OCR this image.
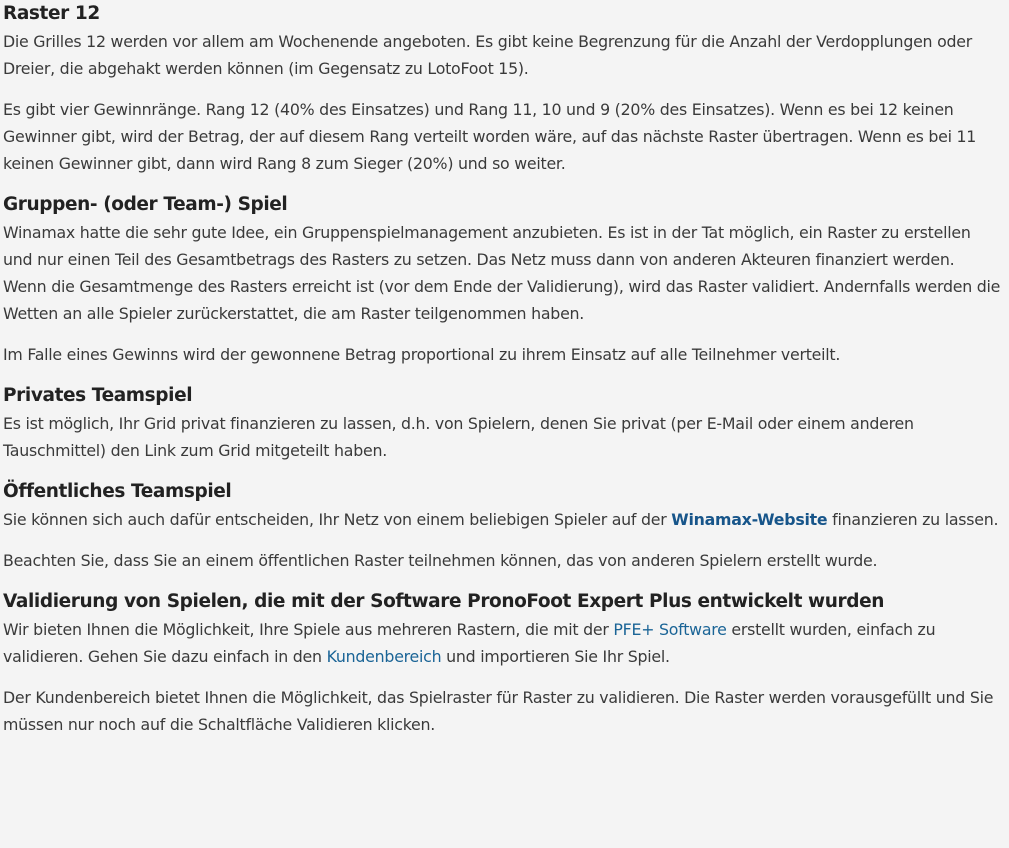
Raster 12

Die Grilles 12 werden vor allem am Wochenende angeboten. Es gibt keine Begrenzung für die Anzahl der Verdopplungen oder Dreier, die abgehakt werden können (im Gegensatz zu LotoFoot 15).

Es gibt vier Gewinnränge. Rang 12 (40% des Einsatzes) und Rang 11, 10 und 9 (20% des Einsatzes). Wenn es bei 12 keinen Gewinner gibt, wird der Betrag, der auf diesem Rang verteilt worden wäre, auf das nächste Raster übertragen. Wenn es bei 11 keinen Gewinner gibt, dann wird Rang 8 zum Sieger (20%) und so weiter.

Gruppen- (oder Team-) Spiel

Winamax hatte die sehr gute Idee, ein Gruppenspielmanagement anzubieten. Es ist in der Tat möglich, ein Raster zu erstellen und nur einen Teil des Gesamtbetrags des Rasters zu setzen. Das Netz muss dann von anderen Akteuren finanziert werden. Wenn die Gesamtmenge des Rasters erreicht ist (vor dem Ende der Validierung), wird das Raster validiert. Andernfalls werden die Wetten an alle Spieler zurückerstattet, die am Raster teilgenommen haben.

Im Falle eines Gewinns wird der gewonnene Betrag proportional zu ihrem Einsatz auf alle Teilnehmer verteilt.

Privates Teamspiel

Es ist möglich, Ihr Grid privat finanzieren zu lassen, d.h. von Spielern, denen Sie privat (per E-Mail oder einem anderen Tauschmittel) den Link zum Grid mitgeteilt haben.

Öffentliches Teamspiel

Sie können sich auch dafür entscheiden, Ihr Netz von einem beliebigen Spieler auf der Winamax-Website finanzieren zu lassen.

Beachten Sie, dass Sie an einem öffentlichen Raster teilnehmen können, das von anderen Spielern erstellt wurde.

Validierung von Spielen, die mit der Software PronoFoot Expert Plus entwickelt wurden

Wir bieten Ihnen die Möglichkeit, Ihre Spiele aus mehreren Rastern, die mit der PFE+ Software erstellt wurden, einfach zu validieren. Gehen Sie dazu einfach in den Kundenbereich und importieren Sie Ihr Spiel.

Der Kundenbereich bietet Ihnen die Möglichkeit, das Spielraster für Raster zu validieren. Die Raster werden vorausgefüllt und Sie müssen nur noch auf die Schaltfläche Validieren klicken.
